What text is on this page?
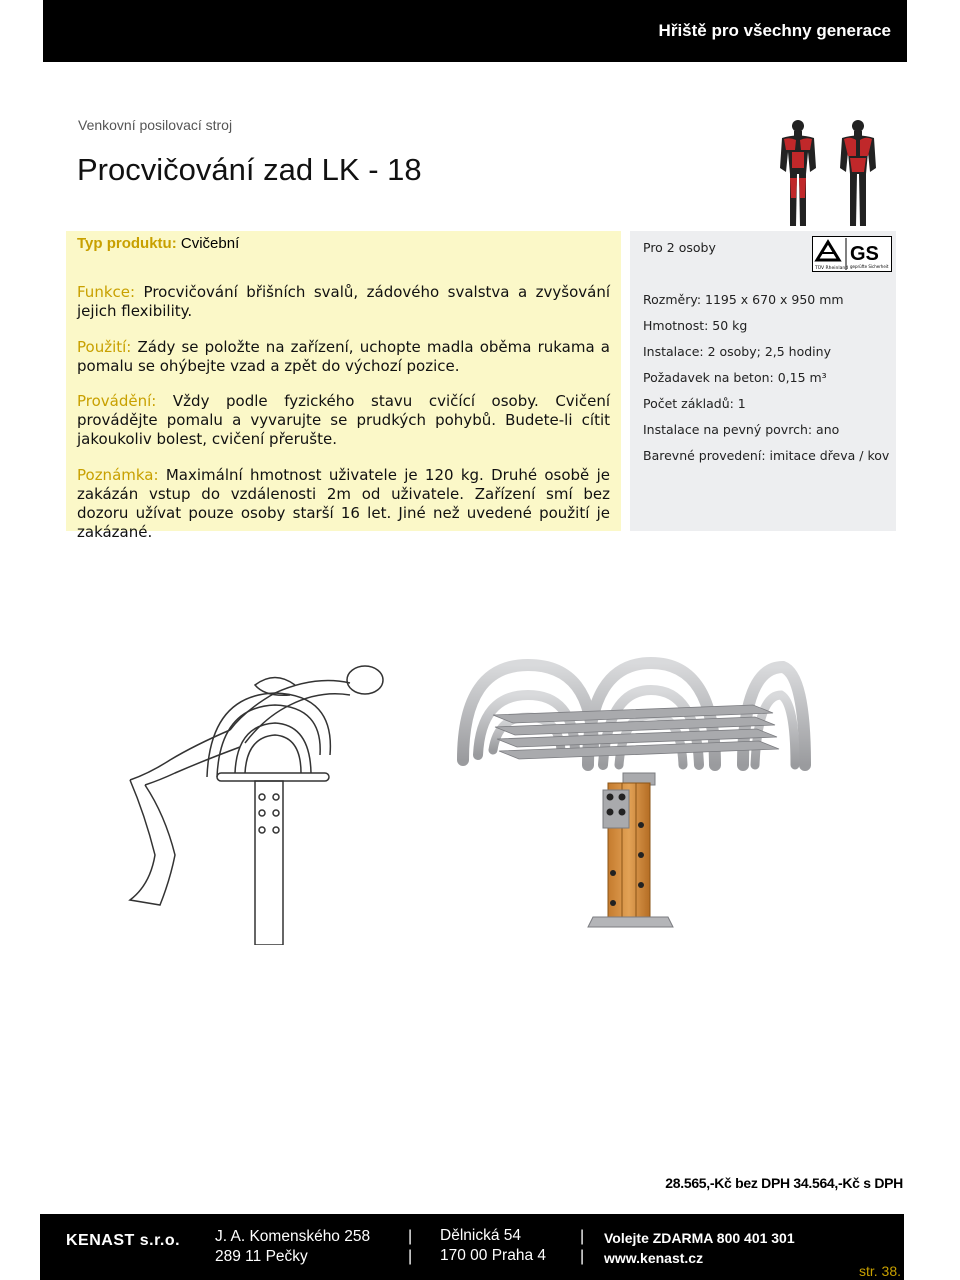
Hřiště pro všechny generace
Venkovní posilovací stroj
Procvičování zad LK - 18
Typ produktu: Cvičební
Funkce: Procvičování břišních svalů, zádového svalstva a zvyšování jejich flexibility.
Použití: Zády se položte na zařízení, uchopte madla oběma rukama a pomalu se ohýbejte vzad a zpět do výchozí pozice.
Provádění: Vždy podle fyzického stavu cvičící osoby. Cvičení provádějte pomalu a vyvarujte se prudkých pohybů. Budete-li cítit jakoukoliv bolest, cvičení přerušte.
Poznámka: Maximální hmotnost uživatele je 120 kg. Druhé osobě je zakázán vstup do vzdálenosti 2m od uživatele. Zařízení smí bez dozoru užívat pouze osoby starší 16 let. Jiné než uvedené použití je zakázané.
Pro 2 osoby
TÜV Rheinland
GS
geprüfte Sicherheit
Rozměry: 1195 x 670 x 950 mm
Hmotnost: 50 kg
Instalace: 2 osoby; 2,5 hodiny
Požadavek na beton: 0,15 m³
Počet základů: 1
Instalace na pevný povrch: ano
Barevné provedení: imitace dřeva / kov
28.565,-Kč bez DPH 34.564,-Kč s DPH
KENAST s.r.o. J. A. Komenského 258
289 11 Pečky
|
|
Dělnická 54
170 00 Praha 4
|
|
Volejte ZDARMA 800 401 301
www.kenast.cz
str. 38.
